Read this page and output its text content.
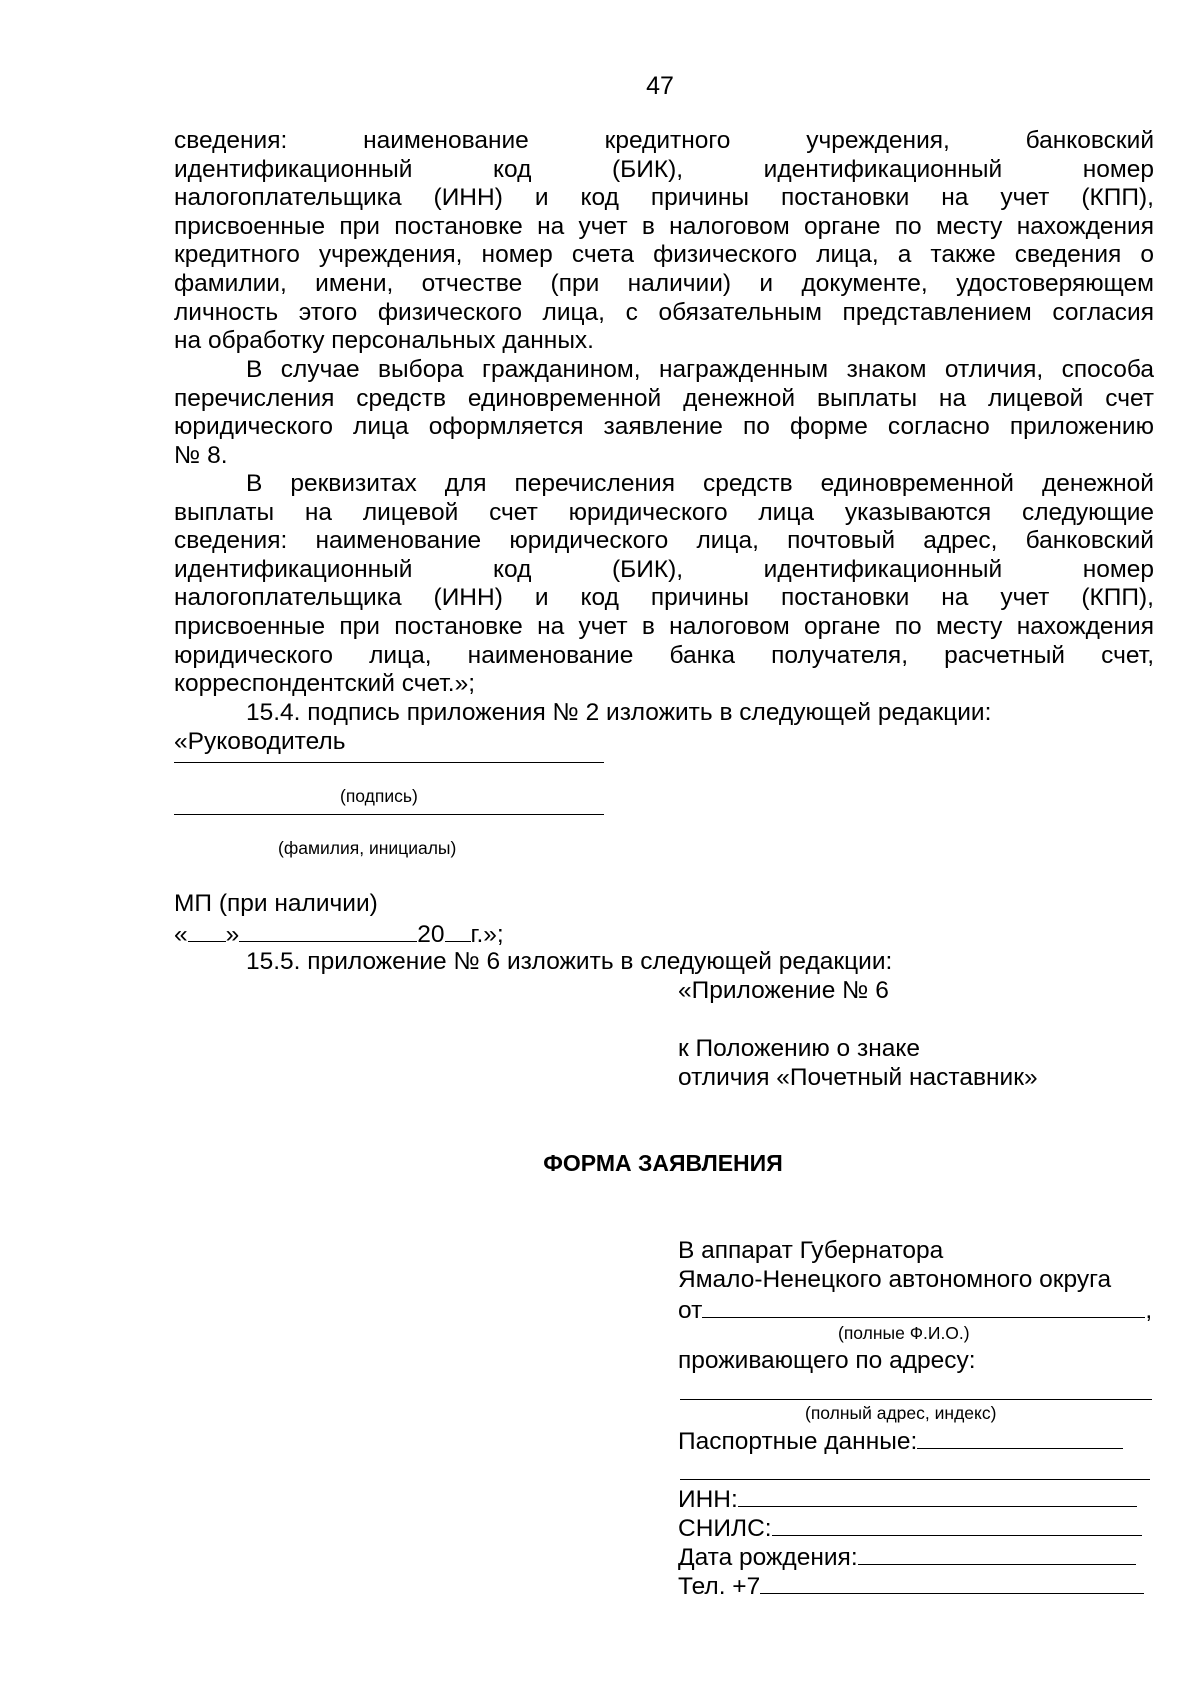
47
сведения: наименование кредитного учреждения, банковский
идентификационный код (БИК), идентификационный номер
налогоплательщика (ИНН) и код причины постановки на учет (КПП),
присвоенные при постановке на учет в налоговом органе по месту нахождения
кредитного учреждения, номер счета физического лица, а также сведения о
фамилии, имени, отчестве (при наличии) и документе, удостоверяющем
личность этого физического лица, с обязательным представлением согласия
на обработку персональных данных.
В случае выбора гражданином, награжденным знаком отличия, способа
перечисления средств единовременной денежной выплаты на лицевой счет
юридического лица оформляется заявление по форме согласно приложению
№ 8.
В реквизитах для перечисления средств единовременной денежной
выплаты на лицевой счет юридического лица указываются следующие
сведения: наименование юридического лица, почтовый адрес, банковский
идентификационный код (БИК), идентификационный номер
налогоплательщика (ИНН) и код причины постановки на учет (КПП),
присвоенные при постановке на учет в налоговом органе по месту нахождения
юридического лица, наименование банка получателя, расчетный счет,
корреспондентский счет.»;
15.4. подпись приложения № 2 изложить в следующей редакции:
«Руководитель
(подпись)
(фамилия, инициалы)
МП (при наличии)
« »	20 г.»;
15.5. приложение № 6 изложить в следующей редакции:
«Приложение № 6
к Положению о знаке
отличия «Почетный наставник»
ФОРМА ЗАЯВЛЕНИЯ
В аппарат Губернатора
Ямало-Ненецкого автономного округа
от	,
(полные Ф.И.О.)
проживающего по адресу:
(полный адрес, индекс)
Паспортные данные:
ИНН:
СНИЛС:
Дата рождения:
Тел. +7
